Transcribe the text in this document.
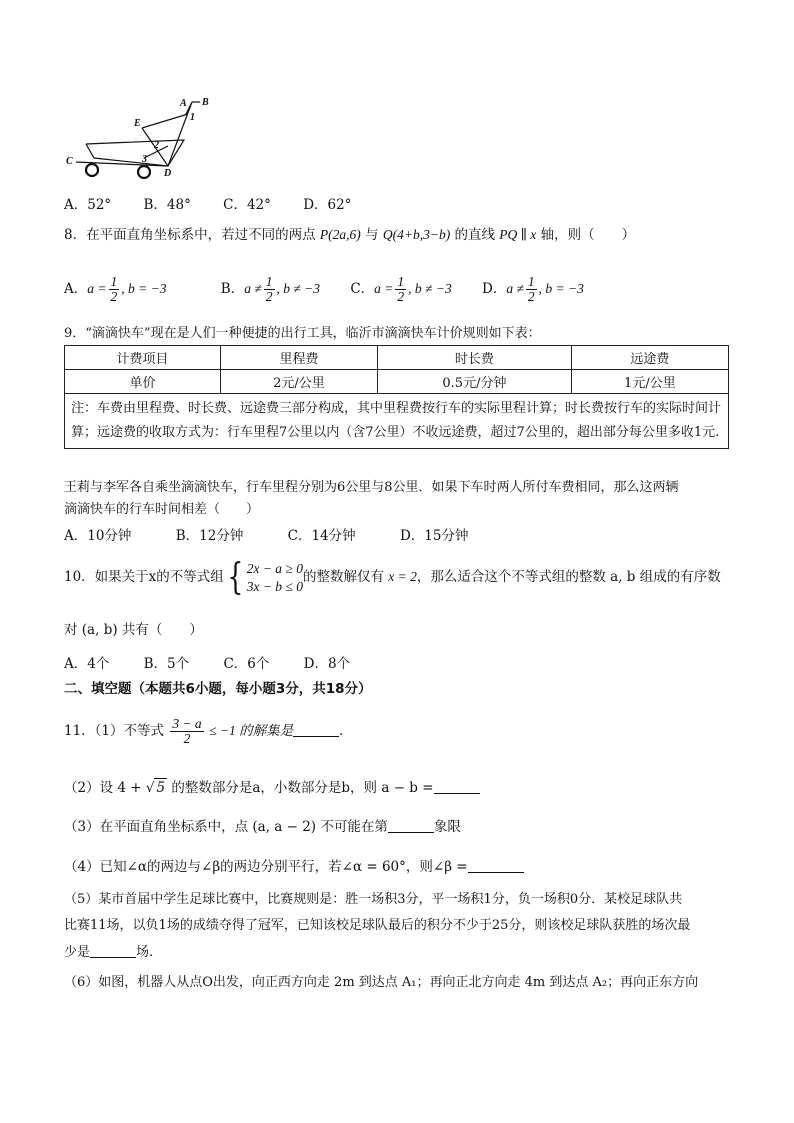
A B
1
E
2
3
C
D
A．52° B．48° C．42° D．62°
8．在平面直角坐标系中，若过不同的两点 P(2a,6) 与 Q(4+b,3−b) 的直线 PQ ∥ x 轴，则（　　）
A．$a = \frac{1}{2}$ , b = −3	B．$a \ne \frac{1}{2}$ , b ≠ −3 C．$a = \frac{1}{2}$ , b ≠ −3 D．$a \ne \frac{1}{2}$ , b = −3
9．“滴滴快车”现在是人们一种便捷的出行工具，临沂市滴滴快车计价规则如下表：
计费项目	里程费	时长费	远途费
单价	2元/公里	0.5元/分钟	1元/公里
注：车费由里程费、时长费、远途费三部分构成，其中里程费按行车的实际里程计算；时长费按行车的实际时间计算；远途费的收取方式为：行车里程7公里以内（含7公里）不收远途费，超过7公里的，超出部分每公里多收1元.			
王莉与李军各自乘坐滴滴快车，行车里程分别为6公里与8公里．如果下车时两人所付车费相同，那么这两辆
滴滴快车的行车时间相差（　　）
A．10分钟	B．12分钟	C．14分钟	D．15分钟
10．如果关于x的不等式组{ 2x − a ≥ 0
3x − b ≤ 0
的整数解仅有 x = 2，那么适合这个不等式组的整数 a, b 组成的有序数
对 (a, b) 共有（　　）
A．4个	B．5个	C．6个	D．8个
二、填空题（本题共6小题，每小题3分，共18分）
11．（1）不等式 $\frac{3 - a}{2} \le -1$ 的解集是	．
（2）设 4 + √ 5 的整数部分是a，小数部分是b，则 a − b =
（3）在平面直角坐标系中，点 (a, a − 2) 不可能在第	象限
（4）已知∠α的两边与∠β的两边分别平行，若∠α = 60°，则∠β =
（5）某市首届中学生足球比赛中，比赛规则是：胜一场积3分，平一场积1分，负一场积0分．某校足球队共
比赛11场，以负1场的成绩夺得了冠军，已知该校足球队最后的积分不少于25分，则该校足球队获胜的场次最
少是	场.
（6）如图，机器人从点O出发，向正西方向走 2m 到达点 A₁；再向正北方向走 4m 到达点 A₂；再向正东方向
